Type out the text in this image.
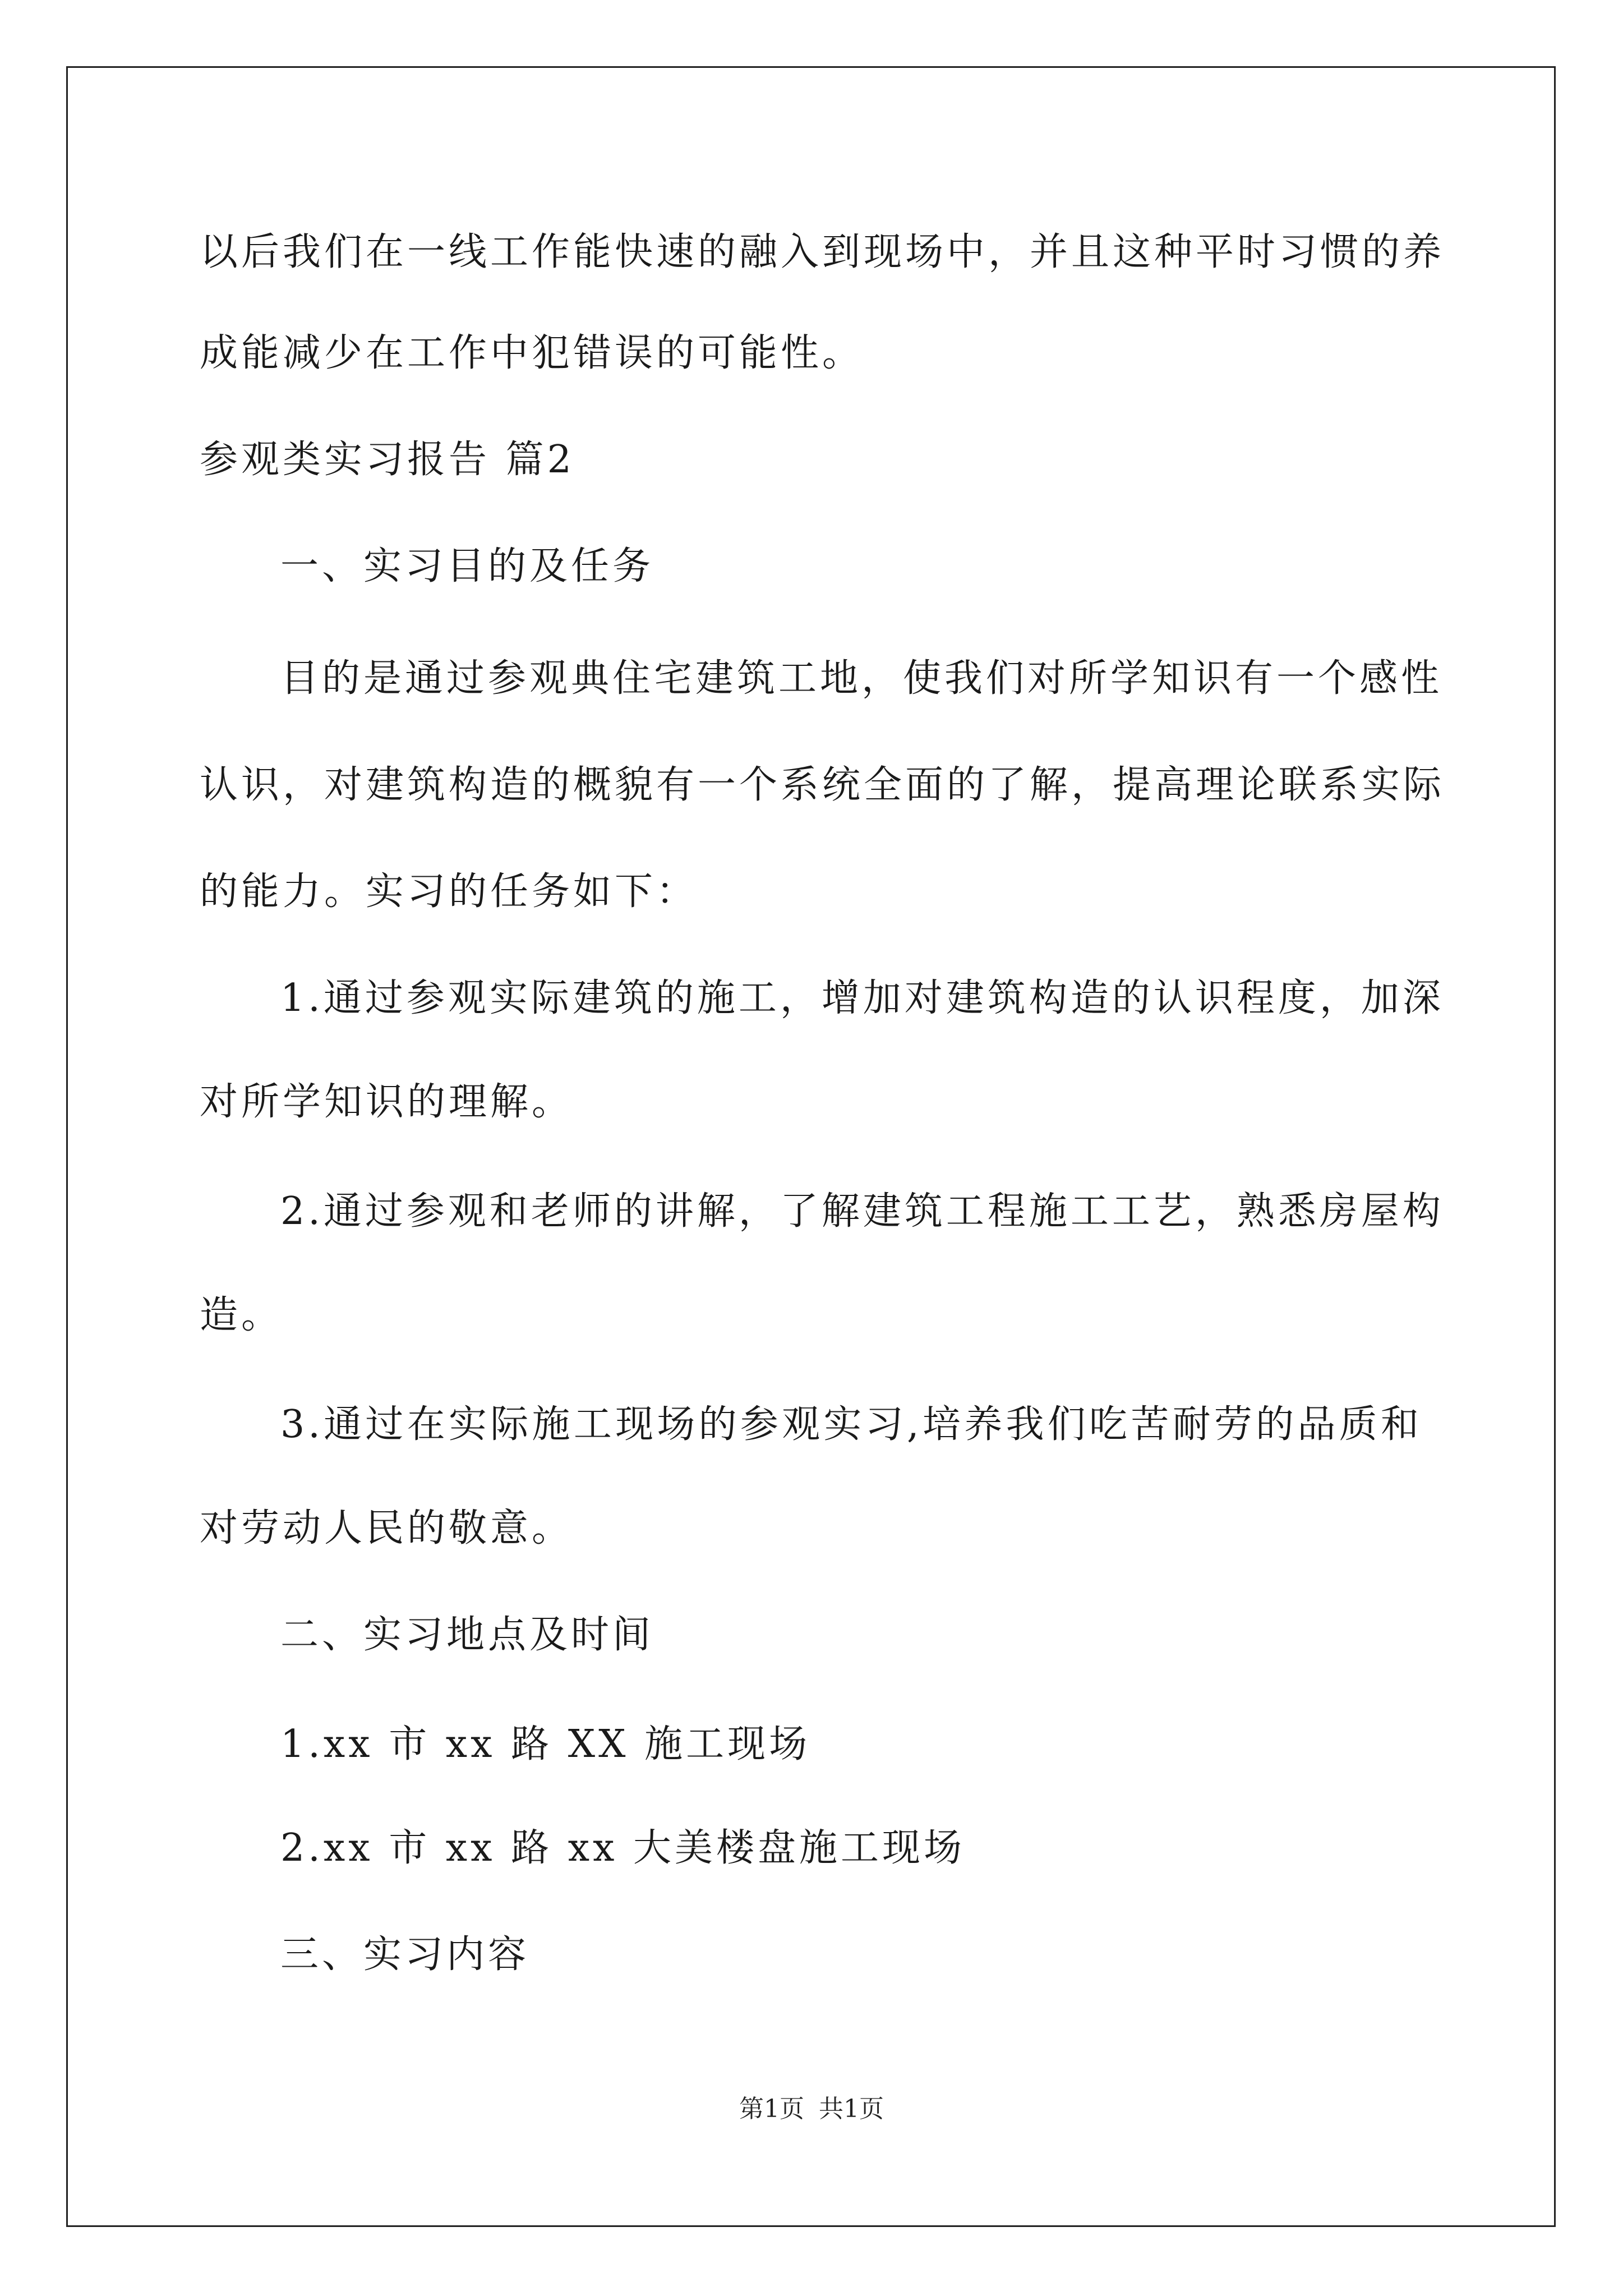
以后我们在一线工作能快速的融入到现场中，并且这种平时习惯的养
成能减少在工作中犯错误的可能性。
参观类实习报告 篇2
一、实习目的及任务
目的是通过参观典住宅建筑工地，使我们对所学知识有一个感性
认识，对建筑构造的概貌有一个系统全面的了解，提高理论联系实际
的能力。实习的任务如下：
1.通过参观实际建筑的施工，增加对建筑构造的认识程度，加深
对所学知识的理解。
2.通过参观和老师的讲解，了解建筑工程施工工艺，熟悉房屋构
造。
3.通过在实际施工现场的参观实习,培养我们吃苦耐劳的品质和
对劳动人民的敬意。
二、实习地点及时间
1.xx 市 xx 路 XX 施工现场
2.xx 市 xx 路 xx 大美楼盘施工现场
三、实习内容
第1页 共1页
